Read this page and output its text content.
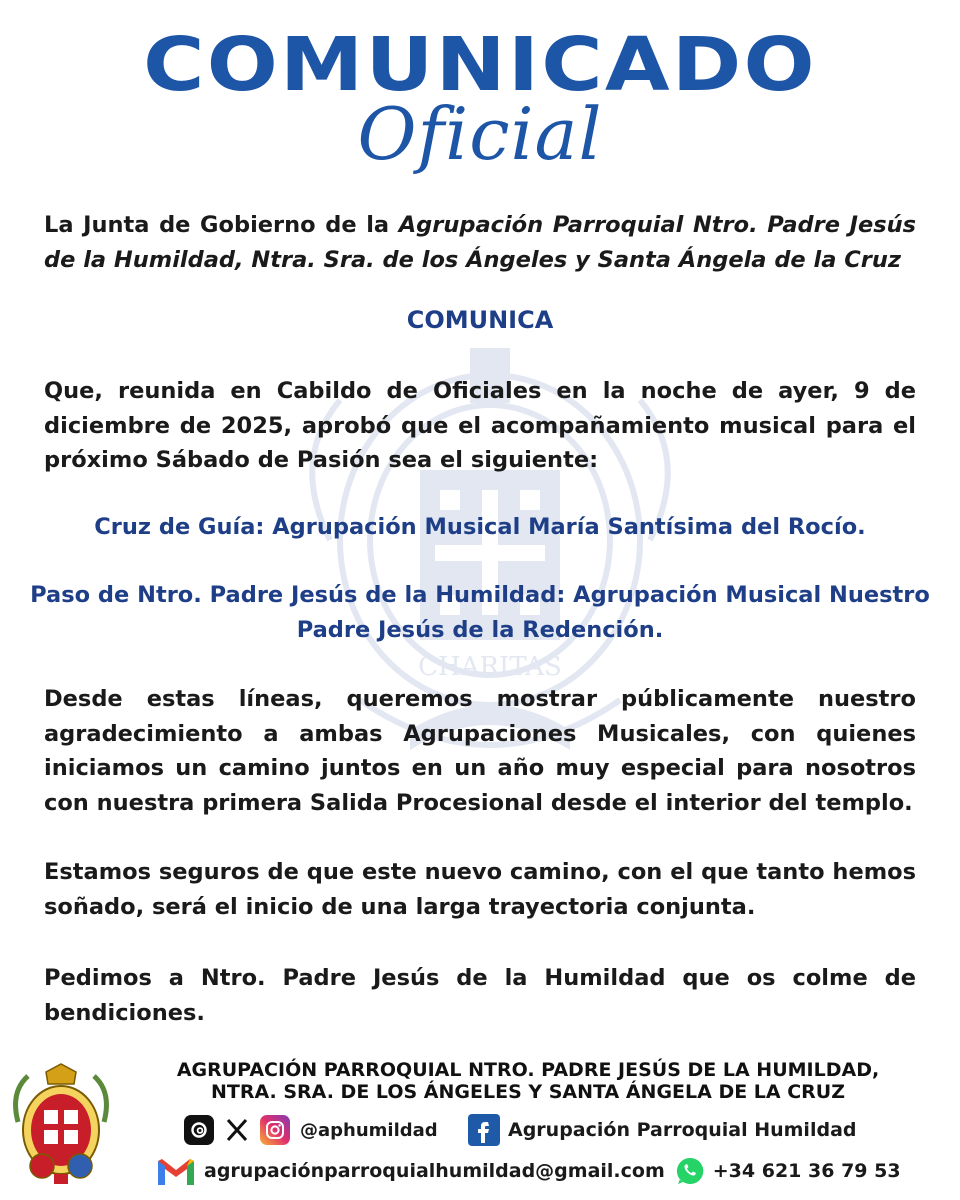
CHARITAS
COMUNICADO
Oficial
La Junta de Gobierno de la Agrupación Parroquial Ntro. Padre Jesús de la Humildad, Ntra. Sra. de los Ángeles y Santa Ángela de la Cruz
COMUNICA
Que, reunida en Cabildo de Oficiales en la noche de ayer, 9 de diciembre de 2025, aprobó que el acompañamiento musical para el próximo Sábado de Pasión sea el siguiente:
Cruz de Guía: Agrupación Musical María Santísima del Rocío.
Paso de Ntro. Padre Jesús de la Humildad: Agrupación Musical Nuestro Padre Jesús de la Redención.
Desde estas líneas, queremos mostrar públicamente nuestro agradecimiento a ambas Agrupaciones Musicales, con quienes iniciamos un camino juntos en un año muy especial para nosotros con nuestra primera Salida Procesional desde el interior del templo.
Estamos seguros de que este nuevo camino, con el que tanto hemos soñado, será el inicio de una larga trayectoria conjunta.
Pedimos a Ntro. Padre Jesús de la Humildad que os colme de bendiciones.
AGRUPACIÓN PARROQUIAL NTRO. PADRE JESÚS DE LA HUMILDAD,
NTRA. SRA. DE LOS ÁNGELES Y SANTA ÁNGELA DE LA CRUZ
@aphumildad	Agrupación Parroquial Humildad
agrupaciónparroquialhumildad@gmail.com	+34 621 36 79 53
